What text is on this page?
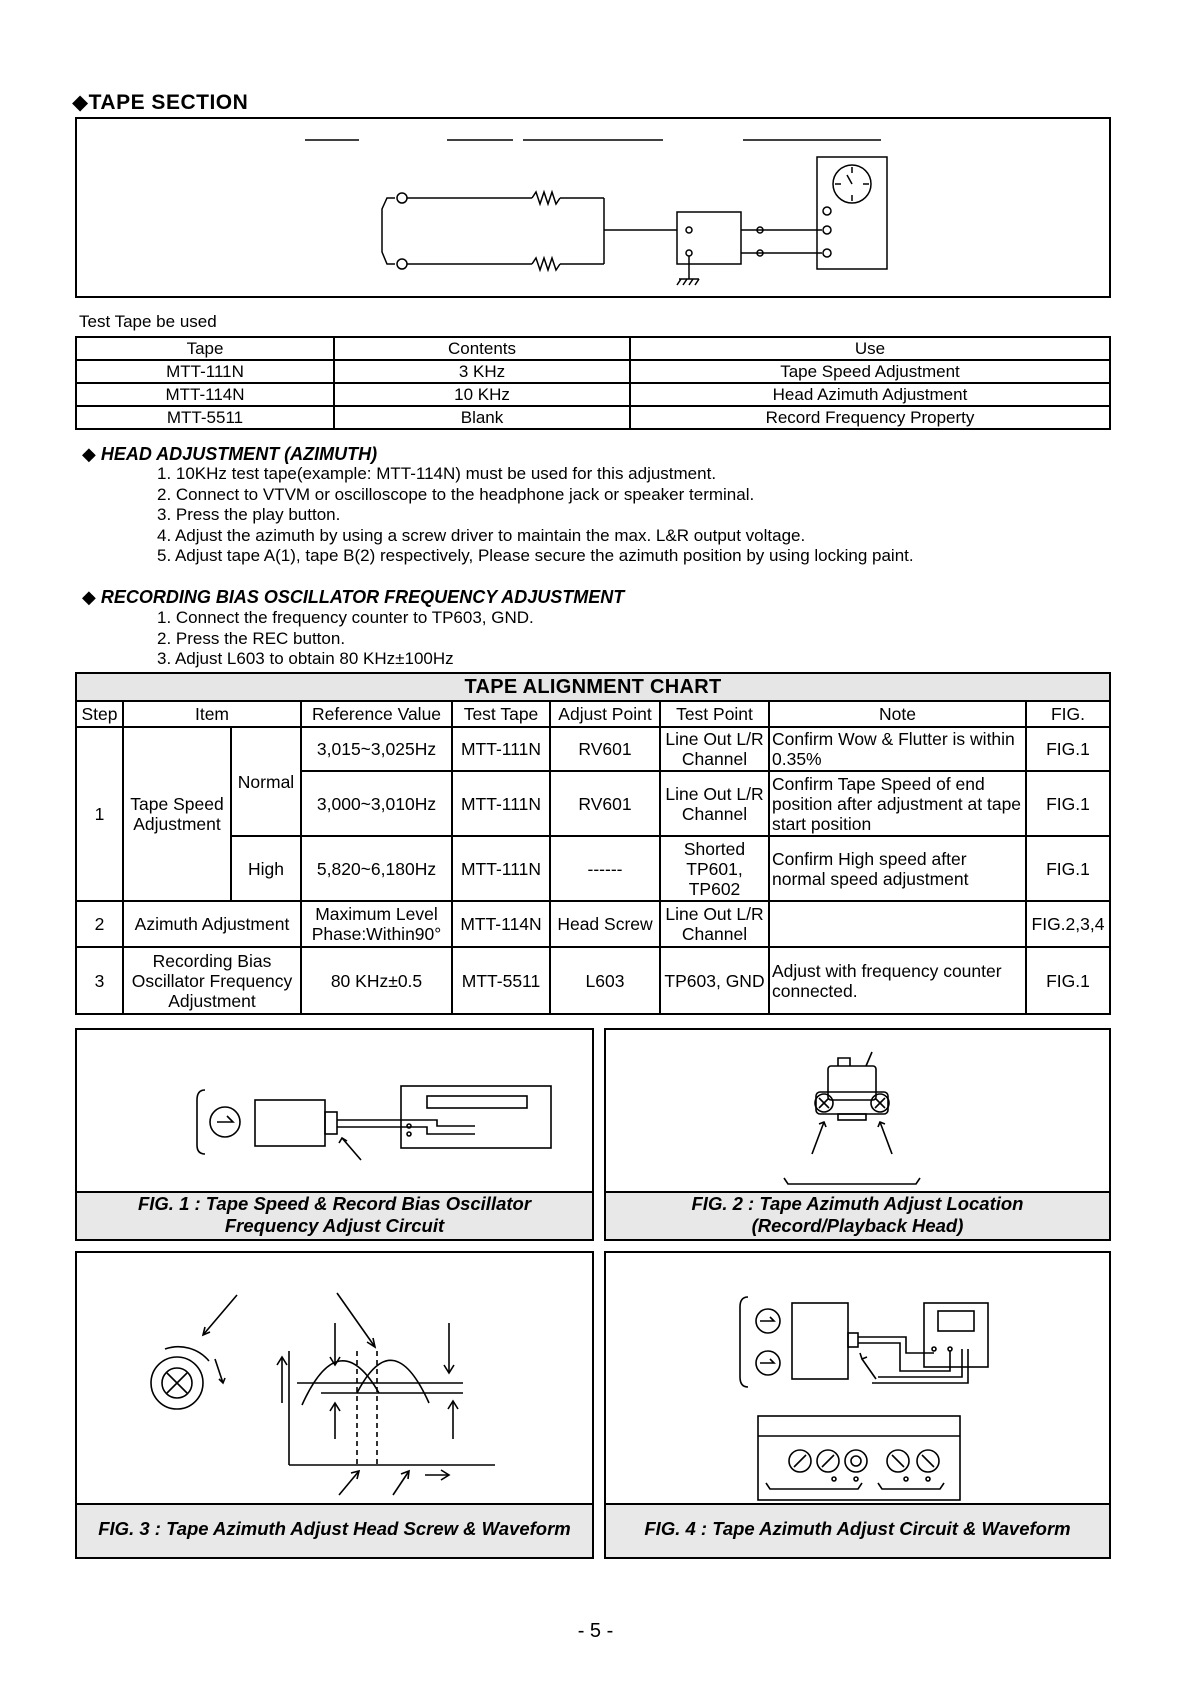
◆TAPE SECTION
Test Tape be used
Tape	Contents	Use
MTT-111N	3 KHz	Tape Speed Adjustment
MTT-114N	10 KHz	Head Azimuth Adjustment
MTT-5511	Blank	Record Frequency Property
◆ HEAD ADJUSTMENT (AZIMUTH)
1. 10KHz test tape(example: MTT-114N) must be used for this adjustment.
2. Connect to VTVM or oscilloscope to the headphone jack or speaker terminal.
3. Press the play button.
4. Adjust the azimuth by using a screw driver to maintain the max. L&R output voltage.
5. Adjust tape A(1), tape B(2) respectively, Please secure the azimuth position by using locking paint.
◆ RECORDING BIAS OSCILLATOR FREQUENCY ADJUSTMENT
1. Connect the frequency counter to TP603, GND.
2. Press the REC button.
3. Adjust L603 to obtain 80 KHz±100Hz
TAPE ALIGNMENT CHART								
Step	Item		Reference Value	Test Tape	Adjust Point	Test Point	Note	FIG.
1	Tape Speed Adjustment	Normal	3,015~3,025Hz	MTT-111N	RV601	Line Out L/R Channel	Confirm Wow & Flutter is within 0.35%	FIG.1
			3,000~3,010Hz	MTT-111N	RV601	Line Out L/R Channel	Confirm Tape Speed of end position after adjustment at tape start position	FIG.1
		High	5,820~6,180Hz	MTT-111N	------	Shorted TP601, TP602	Confirm High speed after normal speed adjustment	FIG.1
2	Azimuth Adjustment		Maximum Level Phase:Within90°	MTT-114N	Head Screw	Line Out L/R Channel		FIG.2,3,4
3	Recording Bias Oscillator Frequency Adjustment		80 KHz±0.5	MTT-5511	L603	TP603, GND	Adjust with frequency counter connected.	FIG.1
FIG. 1 : Tape Speed & Record Bias Oscillator
Frequency Adjust Circuit
FIG. 2 : Tape Azimuth Adjust Location
(Record/Playback Head)
FIG. 3 : Tape Azimuth Adjust Head Screw & Waveform	FIG. 4 : Tape Azimuth Adjust Circuit & Waveform
- 5 -
